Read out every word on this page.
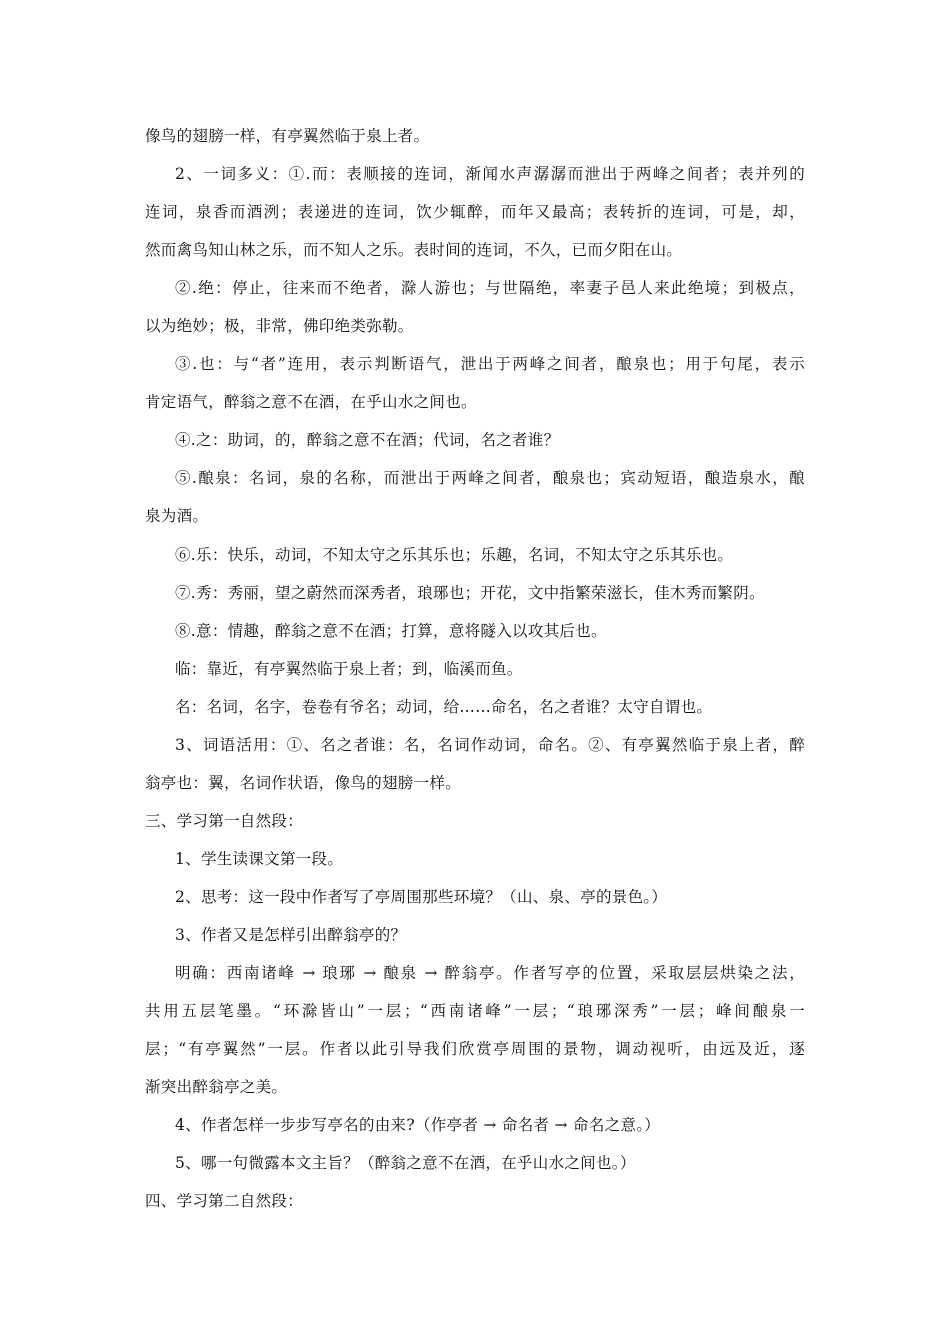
像鸟的翅膀一样，有亭翼然临于泉上者。
2、一词多义：①.而：表顺接的连词，渐闻水声潺潺而泄出于两峰之间者；表并列的
连词，泉香而酒洌；表递进的连词，饮少辄醉，而年又最高；表转折的连词，可是，却，
然而禽鸟知山林之乐，而不知人之乐。表时间的连词，不久，已而夕阳在山。
②.绝：停止，往来而不绝者，滁人游也；与世隔绝，率妻子邑人来此绝境；到极点，
以为绝妙；极，非常，佛印绝类弥勒。
③.也：与“者”连用，表示判断语气，泄出于两峰之间者，酿泉也；用于句尾，表示
肯定语气，醉翁之意不在酒，在乎山水之间也。
④.之：助词，的，醉翁之意不在酒；代词，名之者谁？
⑤.酿泉：名词，泉的名称，而泄出于两峰之间者，酿泉也；宾动短语，酿造泉水，酿
泉为酒。
⑥.乐：快乐，动词，不知太守之乐其乐也；乐趣，名词，不知太守之乐其乐也。
⑦.秀：秀丽，望之蔚然而深秀者，琅琊也；开花，文中指繁荣滋长，佳木秀而繁阴。
⑧.意：情趣，醉翁之意不在酒；打算，意将隧入以攻其后也。
临：靠近，有亭翼然临于泉上者；到，临溪而鱼。
名：名词，名字，卷卷有爷名；动词，给……命名，名之者谁？太守自谓也。
3、词语活用：①、名之者谁：名，名词作动词，命名。②、有亭翼然临于泉上者，醉
翁亭也：翼，名词作状语，像鸟的翅膀一样。
三、学习第一自然段：
1、学生读课文第一段。
2、思考：这一段中作者写了亭周围那些环境？（山、泉、亭的景色。）
3、作者又是怎样引出醉翁亭的？
明确：西南诸峰 → 琅琊 → 酿泉 → 醉翁亭。作者写亭的位置，采取层层烘染之法，
共用五层笔墨。“环滁皆山”一层；“西南诸峰”一层；“琅琊深秀”一层；峰间酿泉一
层；“有亭翼然”一层。作者以此引导我们欣赏亭周围的景物，调动视听，由远及近，逐
渐突出醉翁亭之美。
4、作者怎样一步步写亭名的由来?（作亭者 → 命名者 → 命名之意。）
5、哪一句微露本文主旨？（醉翁之意不在酒，在乎山水之间也。）
四、学习第二自然段：
